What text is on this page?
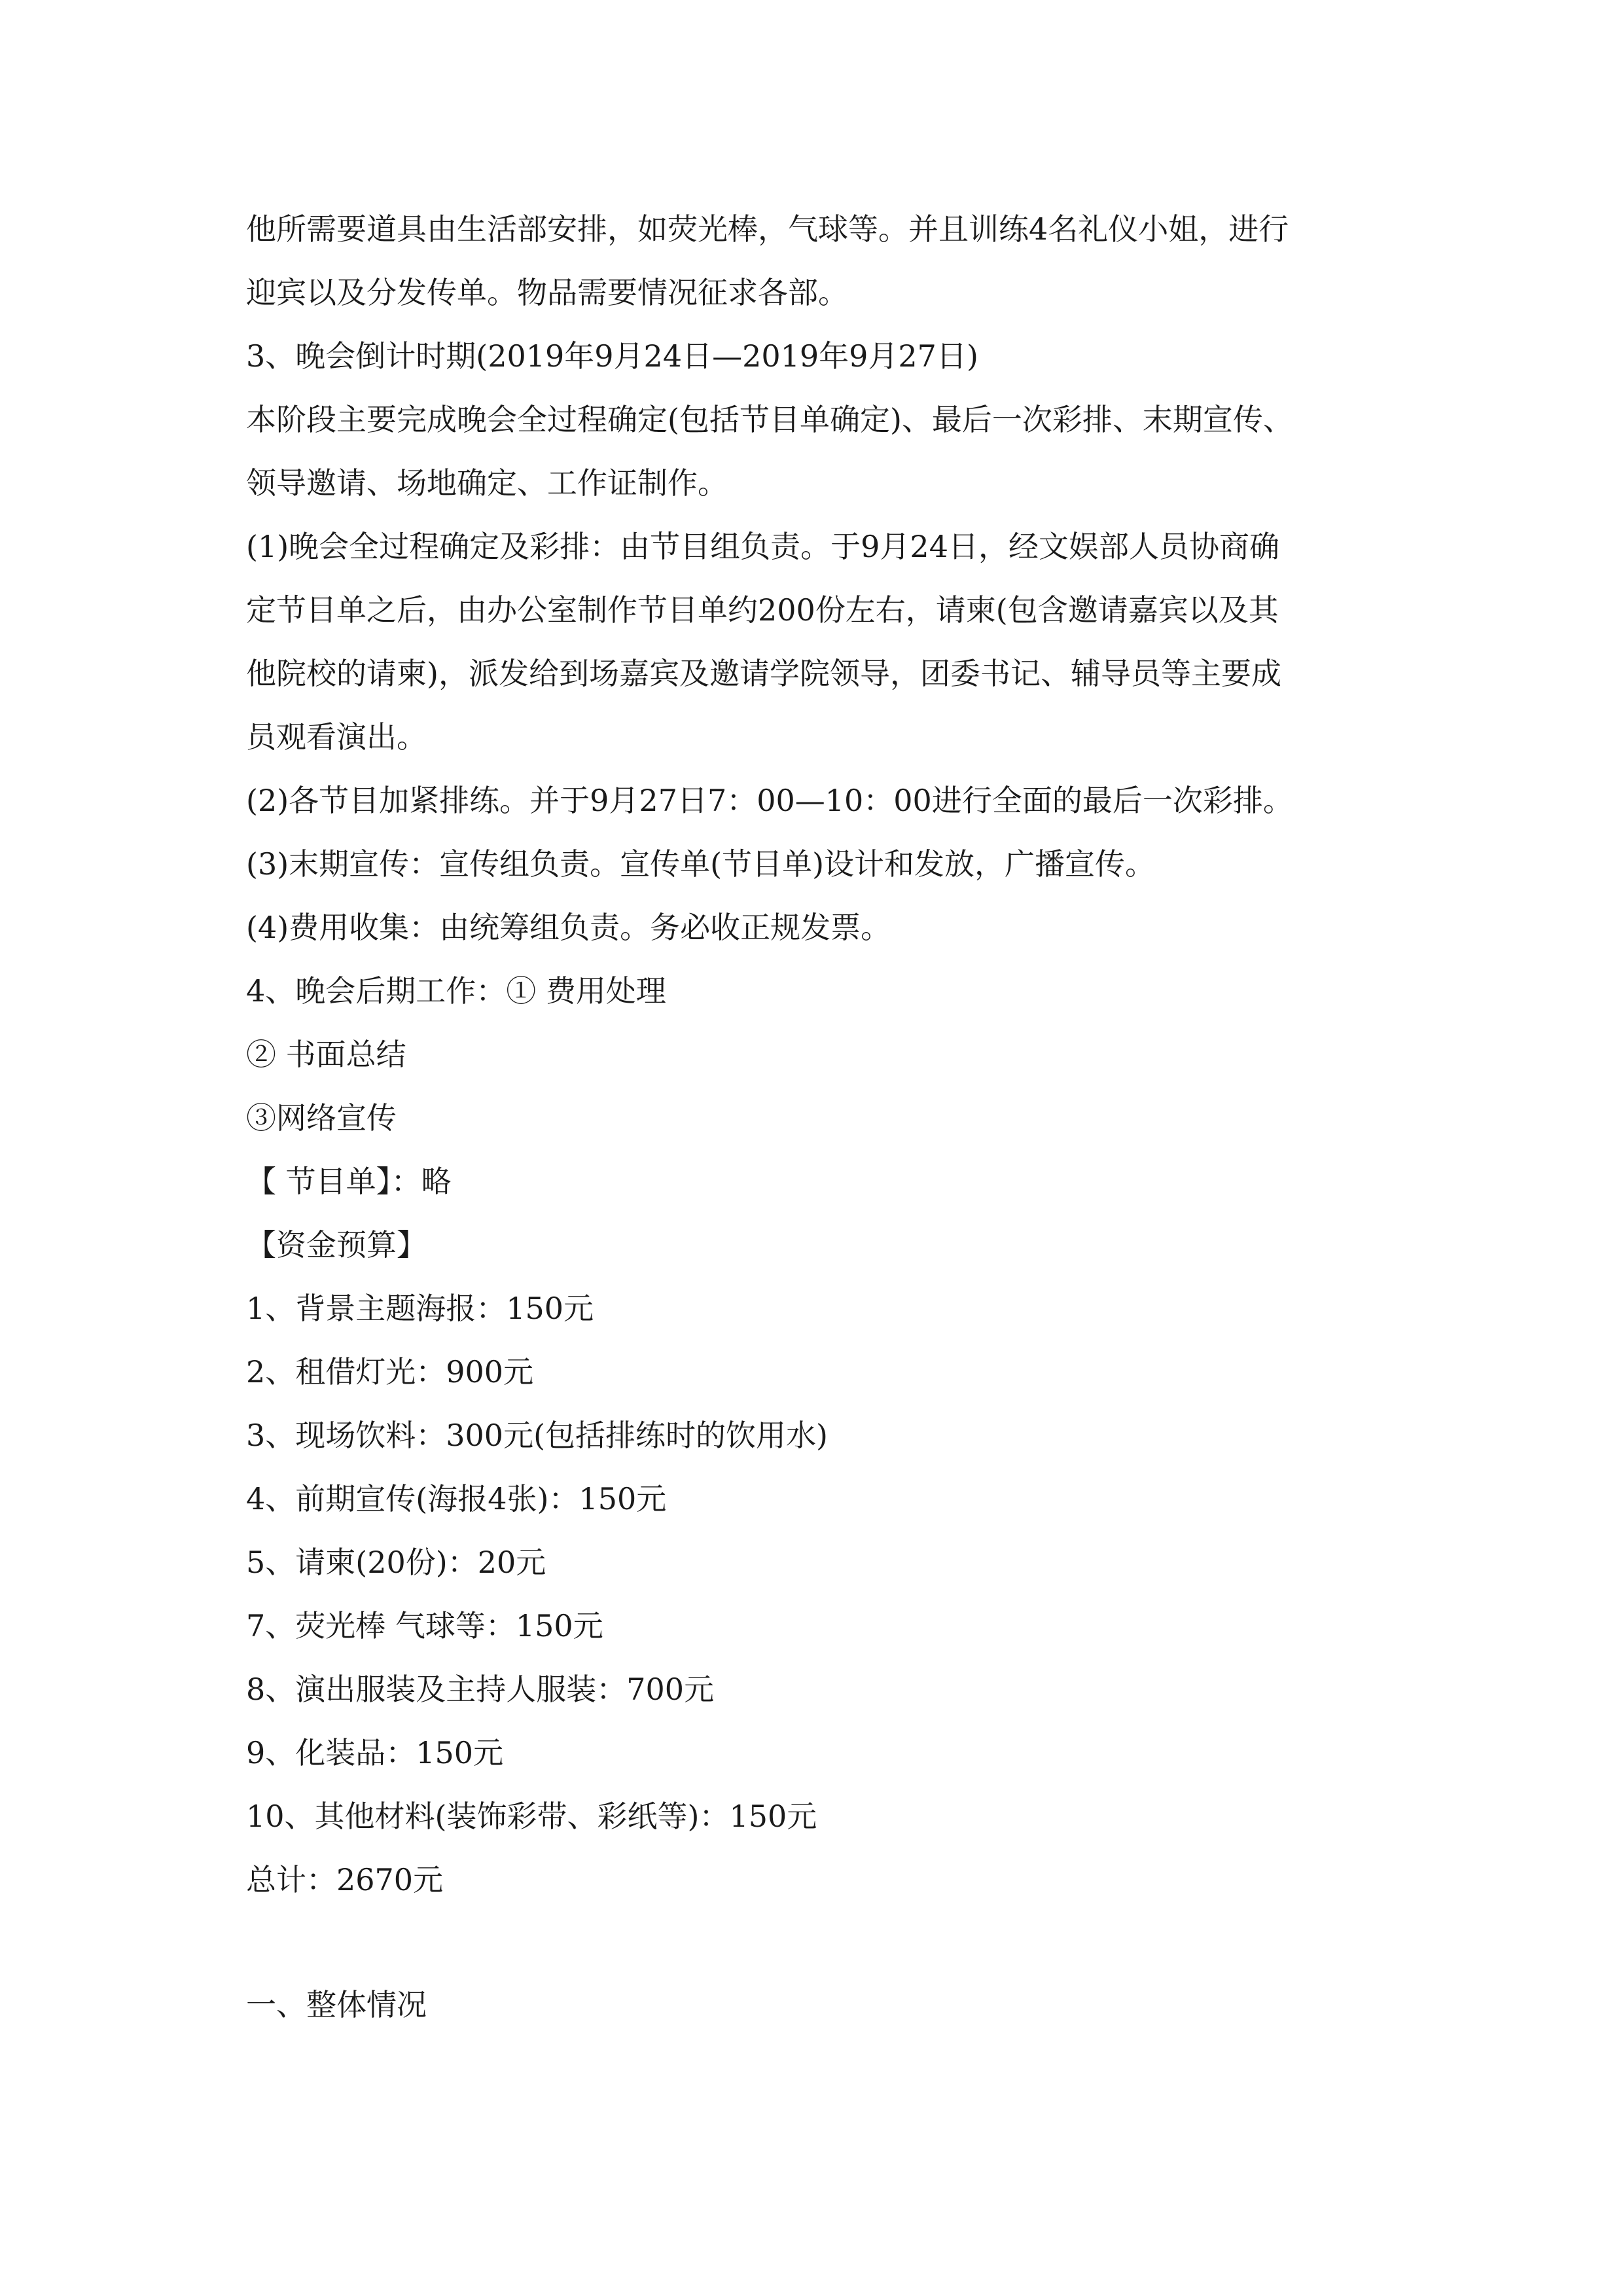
他所需要道具由生活部安排，如荧光棒，气球等。并且训练4名礼仪小姐，进行
迎宾以及分发传单。物品需要情况征求各部。
3、晚会倒计时期(2019年9月24日—2019年9月27日)
本阶段主要完成晚会全过程确定(包括节目单确定)、最后一次彩排、末期宣传、
领导邀请、场地确定、工作证制作。
(1)晚会全过程确定及彩排：由节目组负责。于9月24日，经文娱部人员协商确
定节目单之后，由办公室制作节目单约200份左右，请柬(包含邀请嘉宾以及其
他院校的请柬)，派发给到场嘉宾及邀请学院领导，团委书记、辅导员等主要成
员观看演出。
(2)各节目加紧排练。并于9月27日7：00—10：00进行全面的最后一次彩排。
(3)末期宣传：宣传组负责。宣传单(节目单)设计和发放，广播宣传。
(4)费用收集：由统筹组负责。务必收正规发票。
4、晚会后期工作：① 费用处理
② 书面总结
③网络宣传
【 节目单】：略
【资金预算】
1、背景主题海报：150元
2、租借灯光：900元
3、现场饮料：300元(包括排练时的饮用水)
4、前期宣传(海报4张)：150元
5、请柬(20份)：20元
7、荧光棒 气球等：150元
8、演出服装及主持人服装：700元
9、化装品：150元
10、其他材料(装饰彩带、彩纸等)：150元
总计：2670元
一、整体情况
